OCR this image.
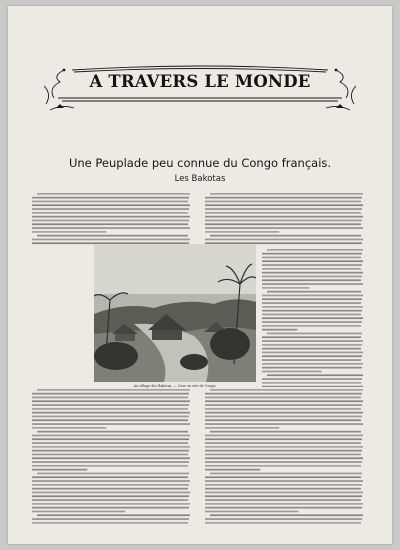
A TRAVERS LE MONDE
Une Peuplade peu connue du Congo français.
Les Bakotas
Au village des Bakotas. — Case en rive de Congo.
